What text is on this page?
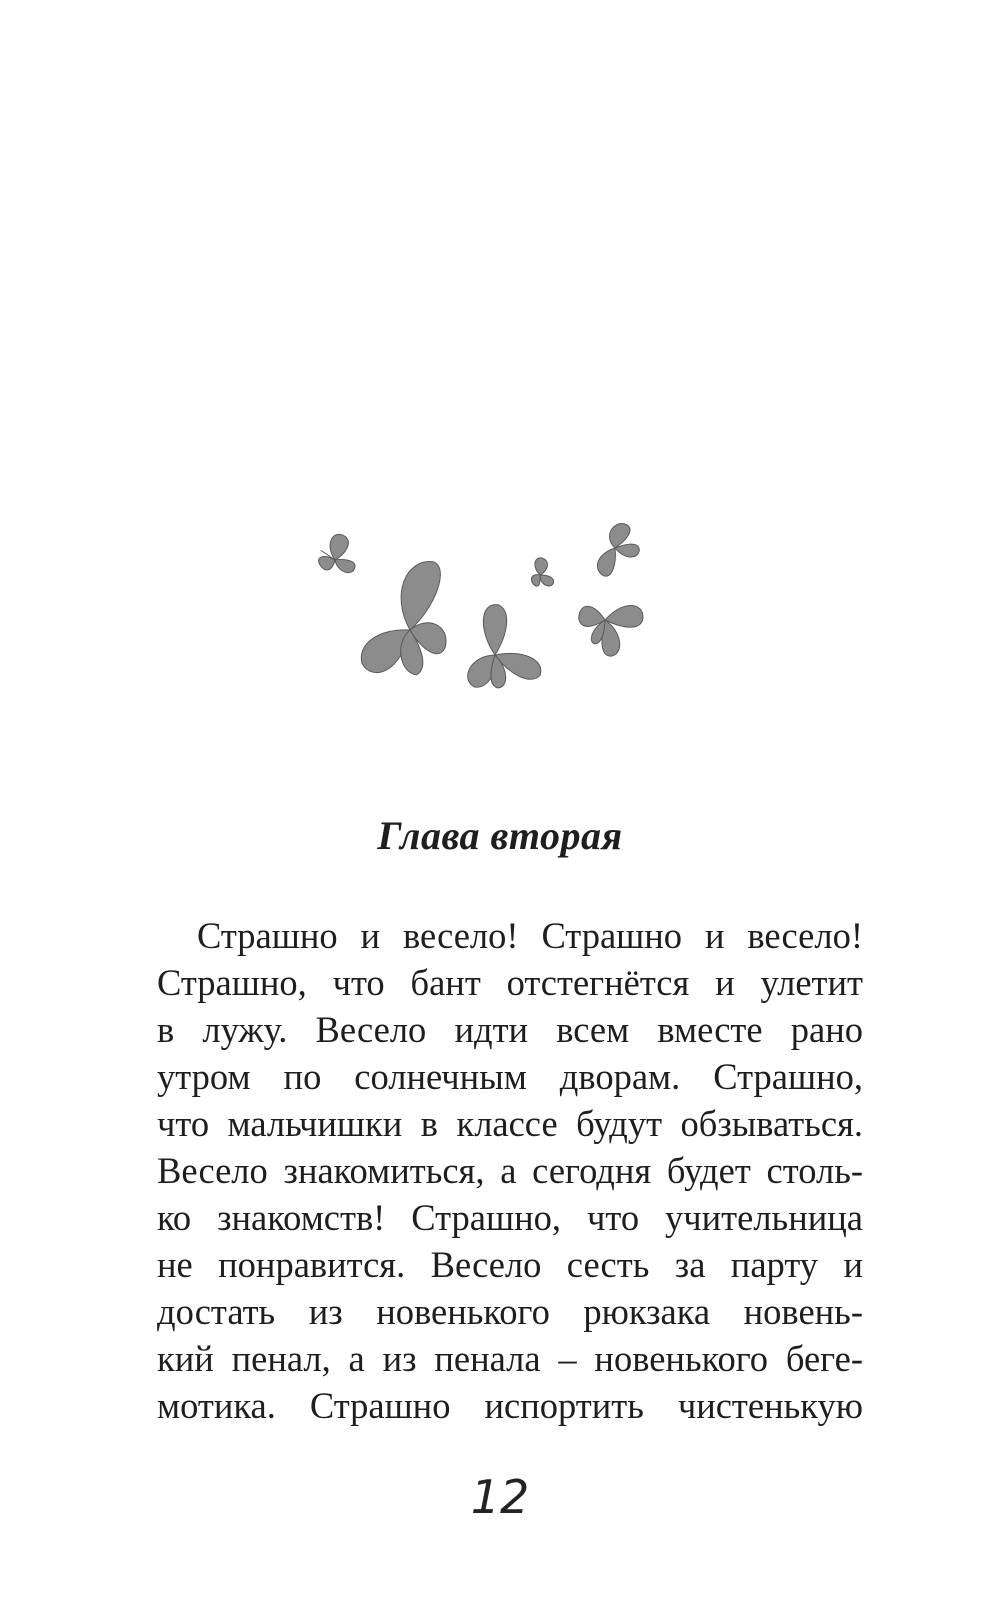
Глава вторая
Страшно и весело! Страшно и весело!
Страшно, что бант отстегнётся и улетит
в лужу. Весело идти всем вместе рано
утром по солнечным дворам. Страшно,
что мальчишки в классе будут обзываться.
Весело знакомиться, а сегодня будет столь-
ко знакомств! Страшно, что учительница
не понравится. Весело сесть за парту и
достать из новенького рюкзака новень-
кий пенал, а из пенала – новенького беге-
мотика. Страшно испортить чистенькую
12
